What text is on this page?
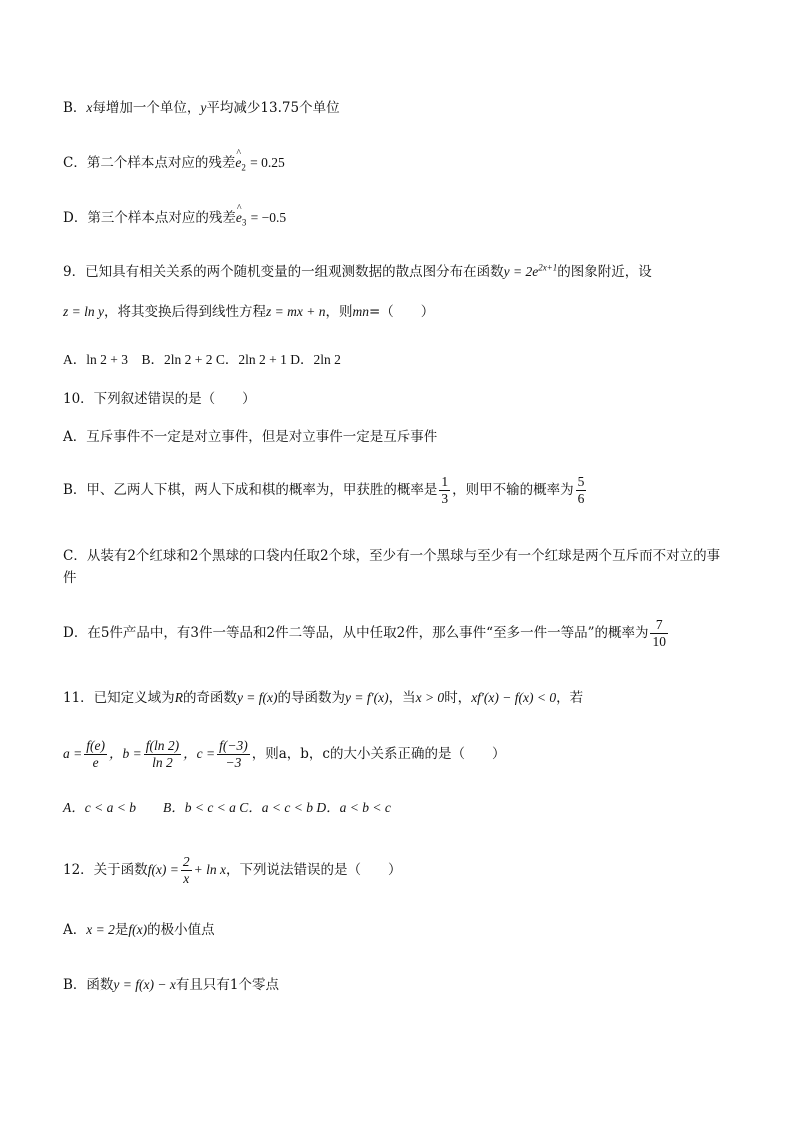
B．x每增加一个单位，y平均减少13.75个单位
C．第二个样本点对应的残差^ $e_2 = 0.25$
D．第三个样本点对应的残差^ $e_3 = -0.5$
9．已知具有相关关系的两个随机变量的一组观测数据的散点图分布在函数$y = 2e^{2x+1}$的图象附近，设
z = ln y，将其变换后得到线性方程z = mx + n，则mn=（　　）
A．ln 2 + 3　B．2ln 2 + 2 C．2ln 2 + 1 D．2ln 2
10．下列叙述错误的是（　　）
A．互斥事件不一定是对立事件，但是对立事件一定是互斥事件
B．甲、乙两人下棋，两人下成和棋的概率为，甲获胜的概率是 $\frac{1}{3}$ ，则甲不输的概率为 $\frac{5}{6}$
C．从装有2个红球和2个黑球的口袋内任取2个球，至少有一个黑球与至少有一个红球是两个互斥而不对立的事件
D．在5件产品中，有3件一等品和2件二等品，从中任取2件，那么事件“至多一件一等品”的概率为 $\frac{7}{10}$
11．已知定义域为R的奇函数y = f(x)的导函数为y = f′(x)，当x > 0时，xf′(x) − f(x) < 0，若
$a = \frac{f(e)}{e}$ ，$b = \frac{f(\ln 2)}{\ln 2}$ ，$c = \frac{f(-3)}{-3}$ ，则a，b，c的大小关系正确的是（　　）
A．c < a < b　　B．b < c < a C．a < c < b D．a < b < c
12．关于函数$f(x) = \frac{2}{x} + \ln x$，下列说法错误的是（　　）
A．x = 2是f(x)的极小值点
B．函数y = f(x) − x有且只有1个零点
